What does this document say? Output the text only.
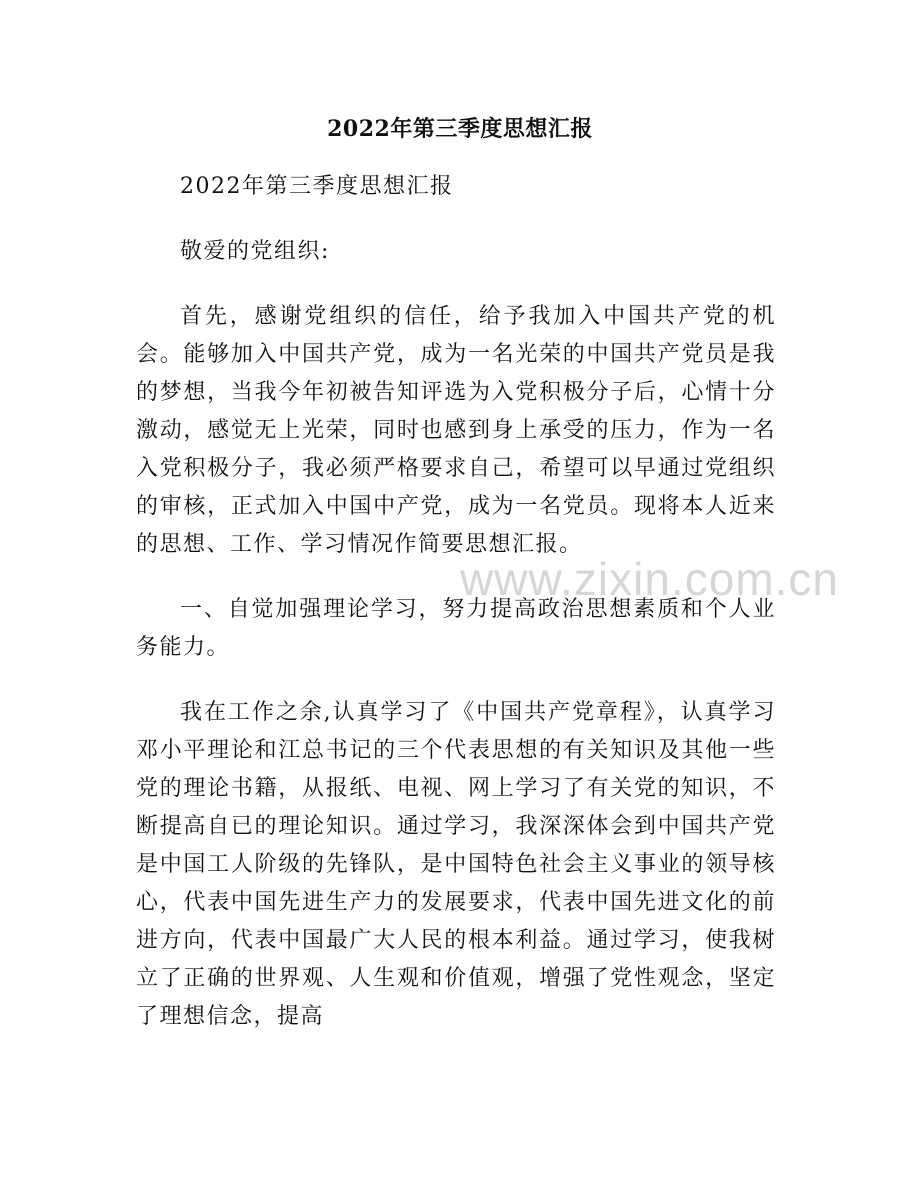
2022年第三季度思想汇报

2022年第三季度思想汇报

敬爱的党组织:

首先，感谢党组织的信任，给予我加入中国共产党的机会。能够加入中国共产党，成为一名光荣的中国共产党员是我的梦想，当我今年初被告知评选为入党积极分子后，心情十分激动，感觉无上光荣，同时也感到身上承受的压力，作为一名入党积极分子，我必须严格要求自己，希望可以早通过党组织的审核，正式加入中国中产党，成为一名党员。现将本人近来的思想、工作、学习情况作简要思想汇报。

一、自觉加强理论学习，努力提高政治思想素质和个人业务能力。

我在工作之余,认真学习了《中国共产党章程》，认真学习邓小平理论和江总书记的三个代表思想的有关知识及其他一些党的理论书籍，从报纸、电视、网上学习了有关党的知识，不断提高自已的理论知识。通过学习，我深深体会到中国共产党是中国工人阶级的先锋队，是中国特色社会主义事业的领导核心，代表中国先进生产力的发展要求，代表中国先进文化的前进方向，代表中国最广大人民的根本利益。通过学习，使我树立了正确的世界观、人生观和价值观，增强了党性观念，坚定了理想信念，提高

www.zixin.com.cn
